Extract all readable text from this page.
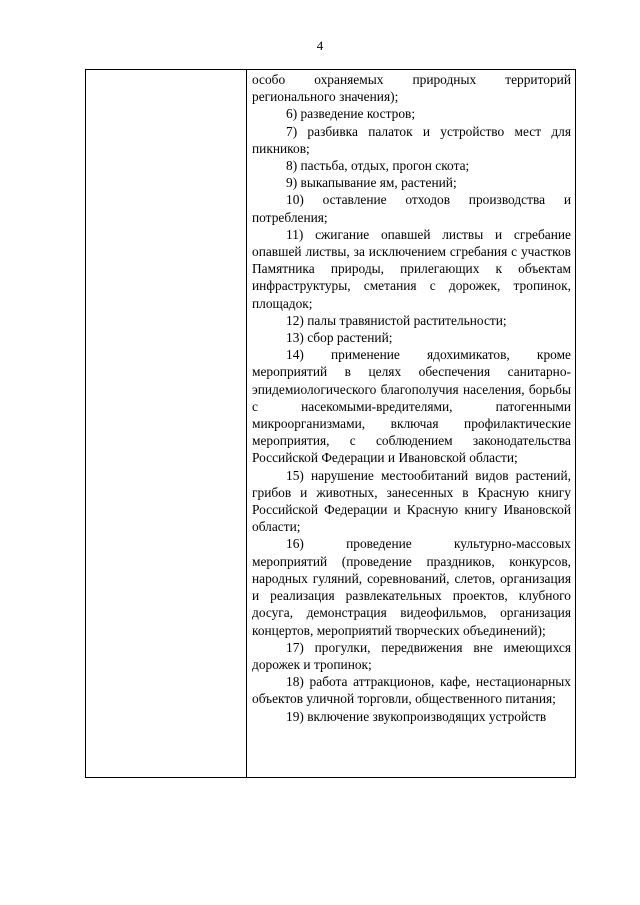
4

особо охраняемых природных территорий регионального значения);

6) разведение костров;

7) разбивка палаток и устройство мест для пикников;

8) пастьба, отдых, прогон скота;

9) выкапывание ям, растений;

10) оставление отходов производства и потребления;

11) сжигание опавшей листвы и сгребание опавшей листвы, за исключением сгребания с участков Памятника природы, прилегающих к объектам инфраструктуры, сметания с дорожек, тропинок, площадок;

12) палы травянистой растительности;

13) сбор растений;

14) применение ядохимикатов, кроме мероприятий в целях обеспечения санитарно-эпидемиологического благополучия населения, борьбы с насекомыми-вредителями, патогенными микроорганизмами, включая профилактические мероприятия, с соблюдением законодательства Российской Федерации и Ивановской области;

15) нарушение местообитаний видов растений, грибов и животных, занесенных в Красную книгу Российской Федерации и Красную книгу Ивановской области;

16) проведение культурно-массовых мероприятий (проведение праздников, конкурсов, народных гуляний, соревнований, слетов, организация и реализация развлекательных проектов, клубного досуга, демонстрация видеофильмов, организация концертов, мероприятий творческих объединений);

17) прогулки, передвижения вне имеющихся дорожек и тропинок;

18) работа аттракционов, кафе, нестационарных объектов уличной торговли, общественного питания;

19) включение звукопроизводящих устройств
